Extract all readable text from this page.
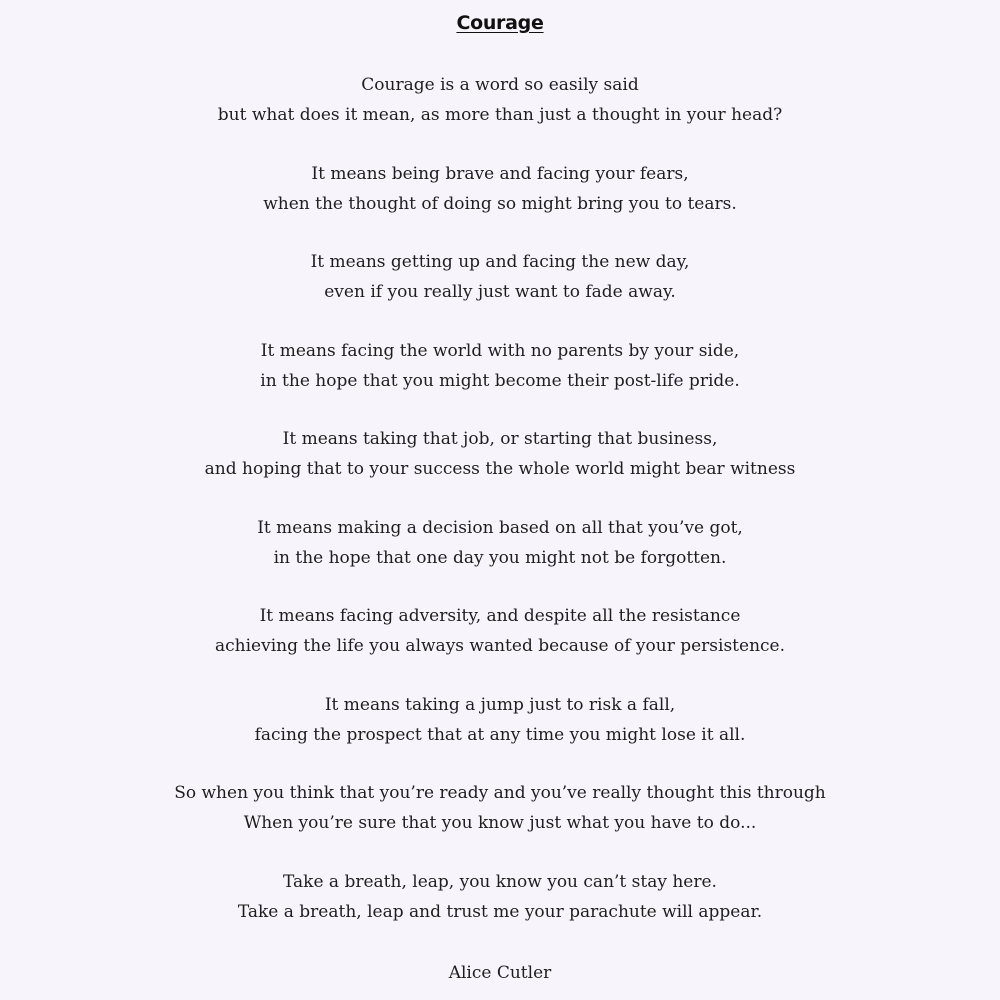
Courage
Courage is a word so easily said
but what does it mean, as more than just a thought in your head?
It means being brave and facing your fears,
when the thought of doing so might bring you to tears.
It means getting up and facing the new day,
even if you really just want to fade away.
It means facing the world with no parents by your side,
in the hope that you might become their post-life pride.
It means taking that job, or starting that business,
and hoping that to your success the whole world might bear witness
It means making a decision based on all that you’ve got,
in the hope that one day you might not be forgotten.
It means facing adversity, and despite all the resistance
achieving the life you always wanted because of your persistence.
It means taking a jump just to risk a fall,
facing the prospect that at any time you might lose it all.
So when you think that you’re ready and you’ve really thought this through
When you’re sure that you know just what you have to do...
Take a breath, leap, you know you can’t stay here.
Take a breath, leap and trust me your parachute will appear.
Alice Cutler
